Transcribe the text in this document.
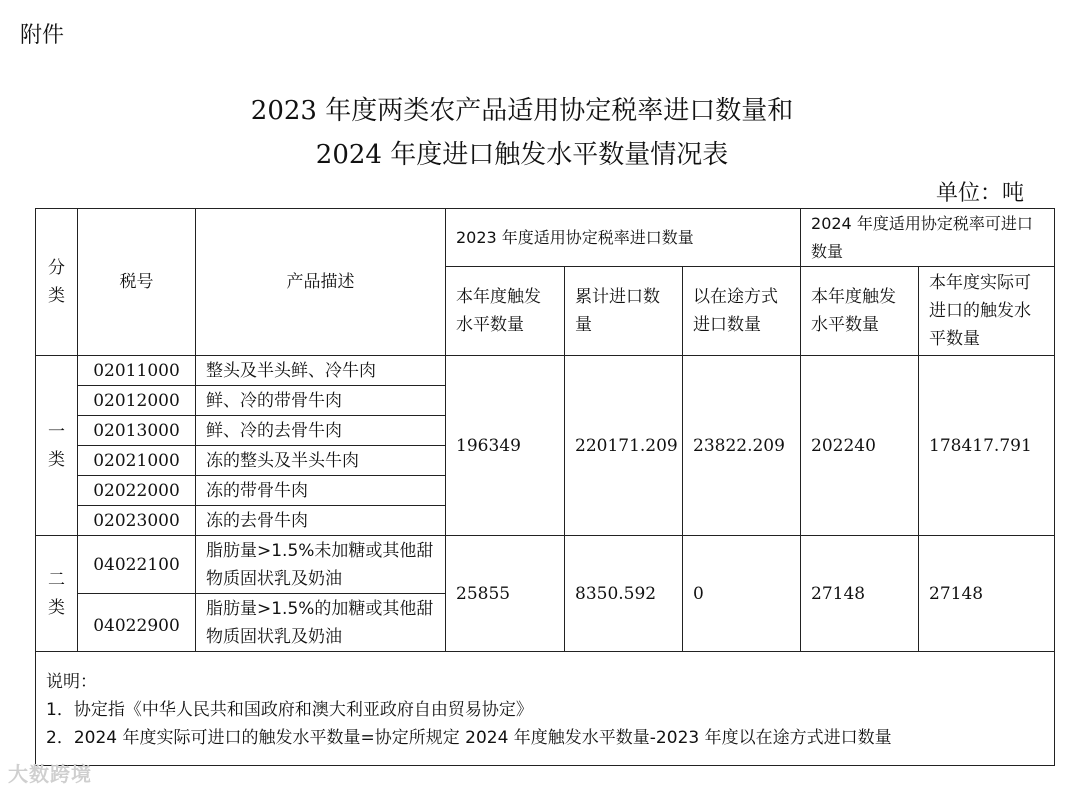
附件
2023 年度两类农产品适用协定税率进口数量和
2024 年度进口触发水平数量情况表
单位：吨
分
类	税号	产品描述	2023 年度适用协定税率进口数量			2024 年度适用协定税率可进口数量	
			本年度触发水平数量	累计进口数量	以在途方式进口数量	本年度触发水平数量	本年度实际可进口的触发水平数量

一
类	02011000	整头及半头鲜、冷牛肉	196349	220171.209	23822.209	202240	178417.791
	02012000	鲜、冷的带骨牛肉					
	02013000	鲜、冷的去骨牛肉					
	02021000	冻的整头及半头牛肉					
	02022000	冻的带骨牛肉					
	02023000	冻的去骨牛肉					

二
类	04022100	脂肪量>1.5%未加糖或其他甜物质固状乳及奶油	25855	8350.592	0	27148	27148
	04022900	脂肪量>1.5%的加糖或其他甜物质固状乳及奶油					

说明：
1．协定指《中华人民共和国政府和澳大利亚政府自由贸易协定》
2．2024 年度实际可进口的触发水平数量=协定所规定 2024 年度触发水平数量-2023 年度以在途方式进口数量							
大数跨境
